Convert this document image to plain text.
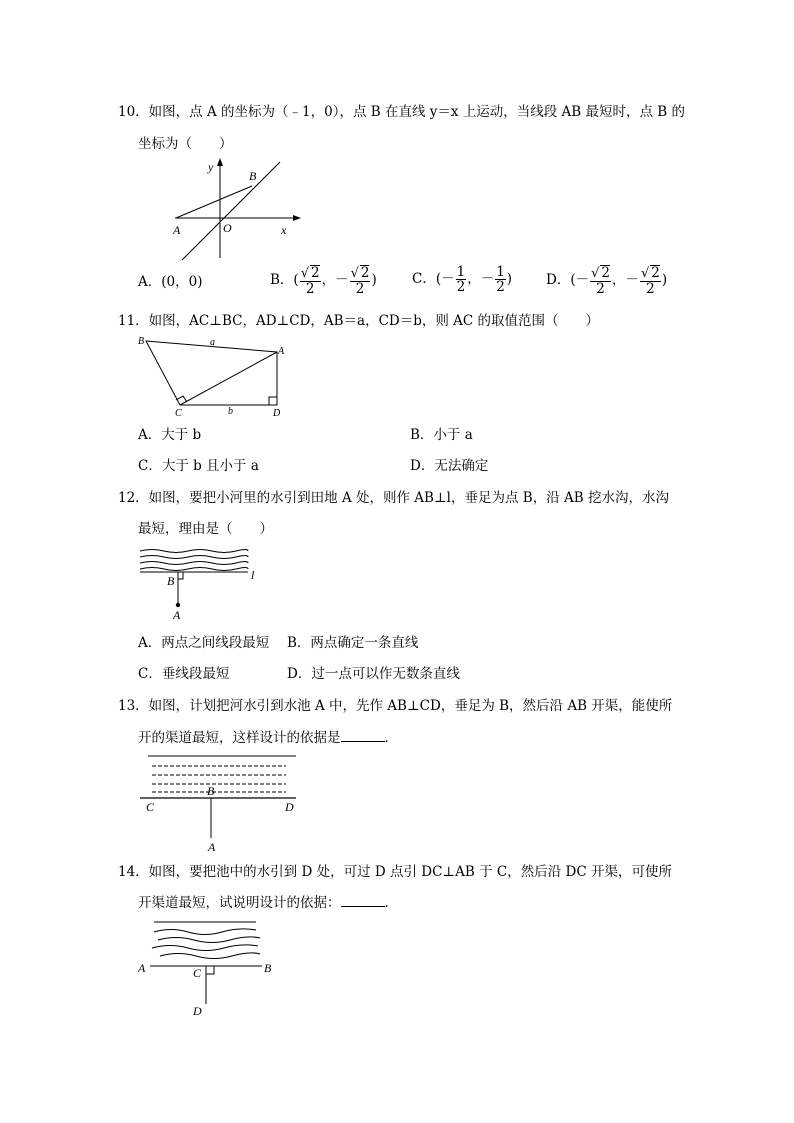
10．如图，点 A 的坐标为（﹣1，0），点 B 在直线 y＝x 上运动，当线段 AB 最短时，点 B 的
坐标为（　　）
y
B
A	O	x
A．(0，0)	B．( $\frac{√ 2}{2}$ ，－ $\frac{√ 2}{2}$ )	C．(－ $\frac{1}{2}$ ，－ $\frac{1}{2}$ )	D．(－ $\frac{√ 2}{2}$ ，－ $\frac{√ 2}{2}$ )
11．如图，AC⊥BC，AD⊥CD，AB＝a，CD＝b，则 AC 的取值范围（　　）
B	a
A
C	b	D
A．大于 b	B．小于 a
C．大于 b 且小于 a	D．无法确定
12．如图，要把小河里的水引到田地 A 处，则作 AB⊥l，垂足为点 B，沿 AB 挖水沟，水沟
最短，理由是（　　）
B	l
A
A．两点之间线段最短 B．两点确定一条直线
C．垂线段最短	D．过一点可以作无数条直线
13．如图，计划把河水引到水池 A 中，先作 AB⊥CD，垂足为 B，然后沿 AB 开渠，能使所
开的渠道最短，这样设计的依据是	．
B
C	D
A
14．如图，要把池中的水引到 D 处，可过 D 点引 DC⊥AB 于 C，然后沿 DC 开渠，可使所
开渠道最短，试说明设计的依据：	．
A	B
C
D
